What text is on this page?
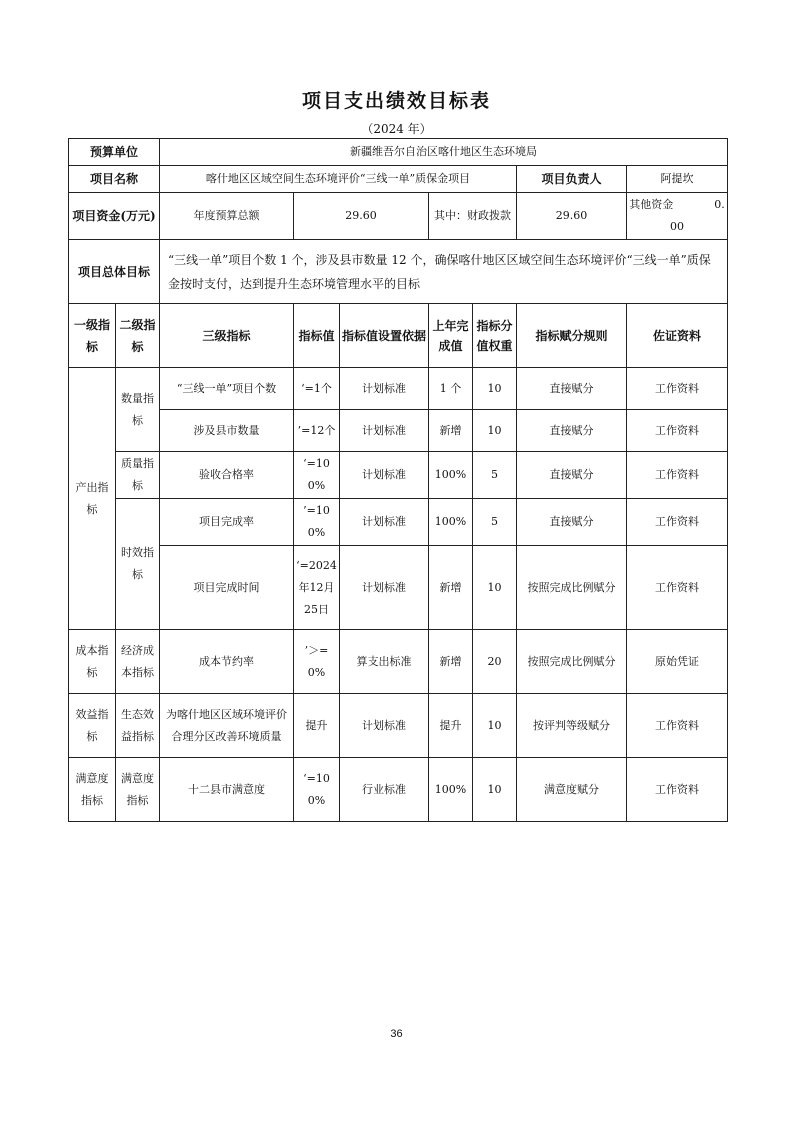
项目支出绩效目标表
（2024 年）
预算单位		新疆维吾尔自治区喀什地区生态环境局						
项目名称		喀什地区区域空间生态环境评价“三线一单”质保金项目					项目负责人	阿提坎
项目资金(万元)		年度预算总额	29.60		其中：财政拨款		29.60	其他资金 0.00
项目总体目标		“三线一单”项目个数 1 个，涉及县市数量 12 个，确保喀什地区区域空间生态环境评价“三线一单”质保金按时支付，达到提升生态环境管理水平的目标						
一级指标	二级指标	三级指标	指标值	指标值设置依据	上年完成值	指标分值权重	指标赋分规则	佐证资料
产出指标	数量指标	“三线一单”项目个数	‘=1个	计划标准	1 个	10	直接赋分	工作资料
		涉及县市数量	’=12个	计划标准	新增	10	直接赋分	工作资料
	质量指标	验收合格率	‘=100%	计划标准	100%	5	直接赋分	工作资料
	时效指标	项目完成率	’=100%	计划标准	100%	5	直接赋分	工作资料
		项目完成时间	‘=2024年12月25日	计划标准	新增	10	按照完成比例赋分	工作资料
成本指标	经济成本指标	成本节约率	’＞=0%	算支出标准	新增	20	按照完成比例赋分	原始凭证
效益指标	生态效益指标	为喀什地区区域环境评价合理分区改善环境质量	提升	计划标准	提升	10	按评判等级赋分	工作资料
满意度指标	满意度指标	十二县市满意度	‘=100%	行业标准	100%	10	满意度赋分	工作资料
36
